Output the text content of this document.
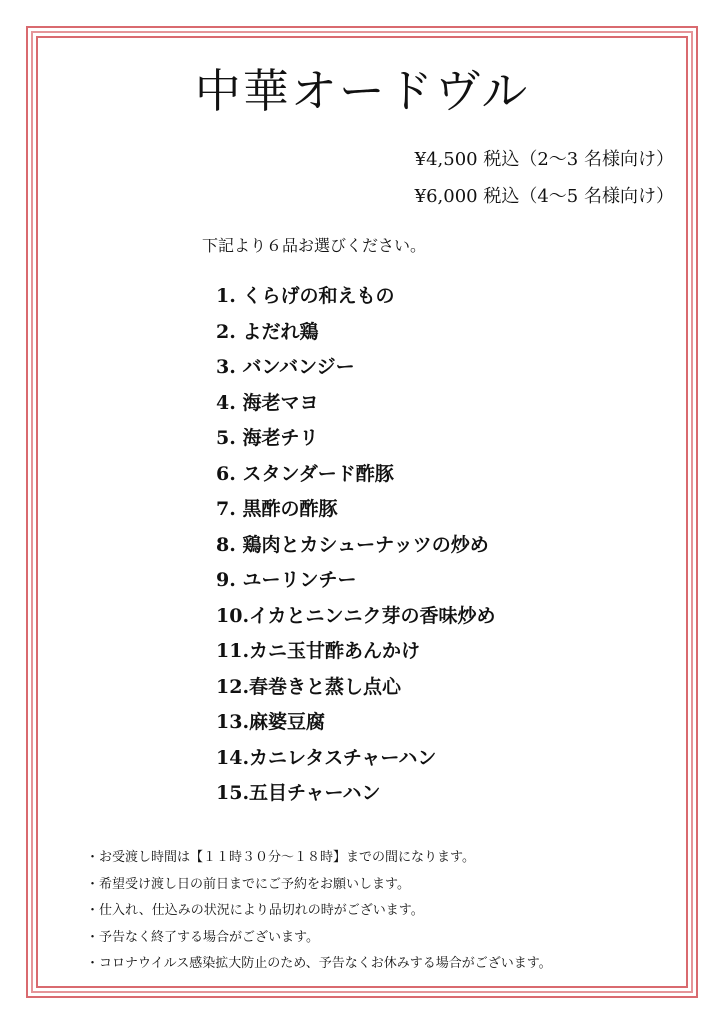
中華オードヴル
¥4,500 税込（2〜3 名様向け）
¥6,000 税込（4〜5 名様向け）
下記より６品お選びください。
1. くらげの和えもの
2. よだれ鶏
3. バンバンジー
4. 海老マヨ
5. 海老チリ
6. スタンダード酢豚
7. 黒酢の酢豚
8. 鶏肉とカシューナッツの炒め
9. ユーリンチー
10.イカとニンニク芽の香味炒め
11.カニ玉甘酢あんかけ
12.春巻きと蒸し点心
13.麻婆豆腐
14.カニレタスチャーハン
15.五目チャーハン
・お受渡し時間は【１１時３０分〜１８時】までの間になります。
・希望受け渡し日の前日までにご予約をお願いします。
・仕入れ、仕込みの状況により品切れの時がございます。
・予告なく終了する場合がございます。
・コロナウイルス感染拡大防止のため、予告なくお休みする場合がございます。
